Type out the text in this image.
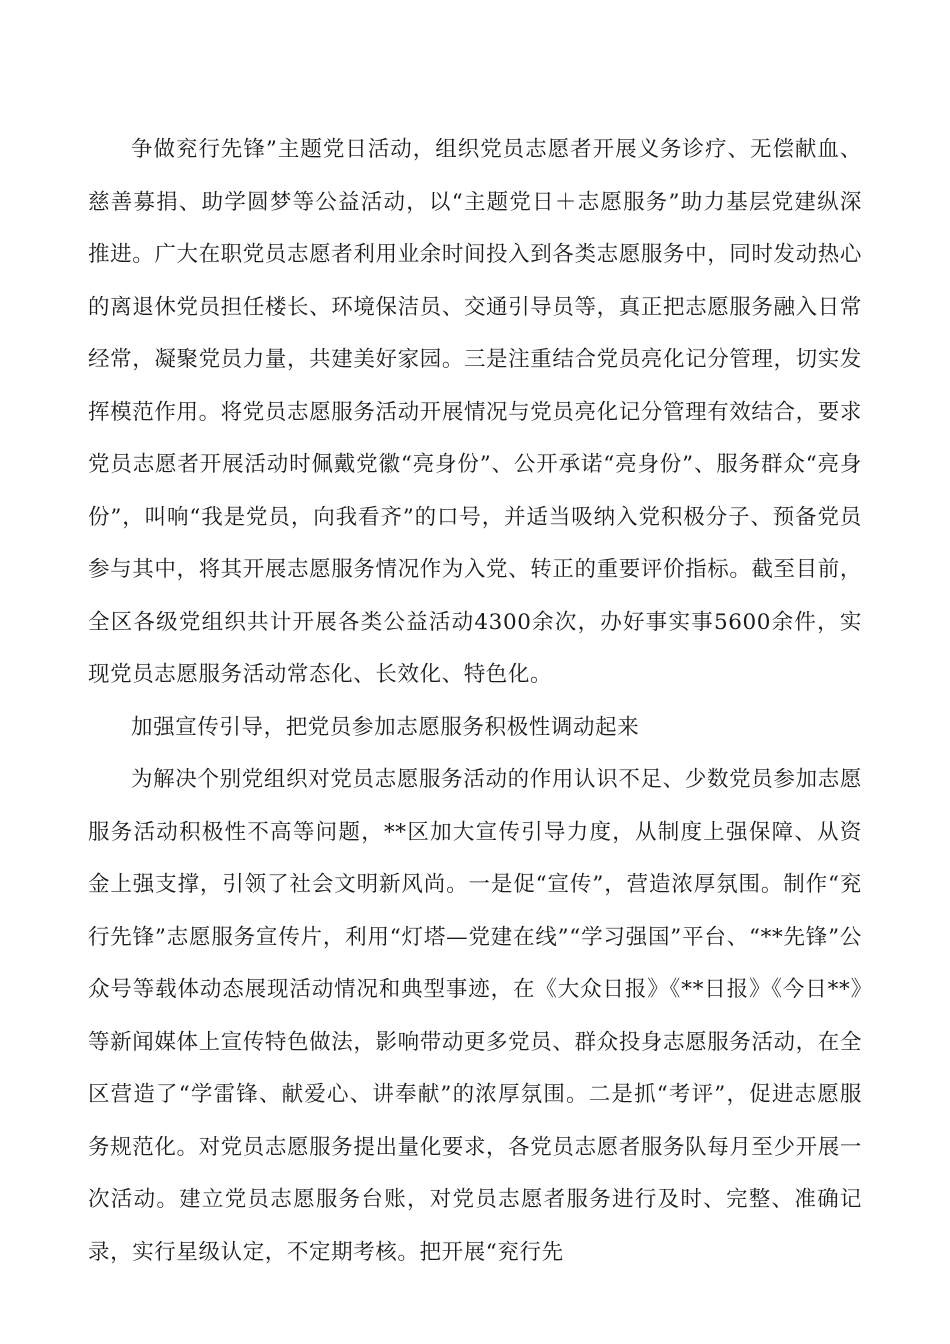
争做兖行先锋”主题党日活动，组织党员志愿者开展义务诊疗、无偿献血、慈善募捐、助学圆梦等公益活动，以“主题党日＋志愿服务”助力基层党建纵深推进。广大在职党员志愿者利用业余时间投入到各类志愿服务中，同时发动热心的离退休党员担任楼长、环境保洁员、交通引导员等，真正把志愿服务融入日常经常，凝聚党员力量，共建美好家园。三是注重结合党员亮化记分管理，切实发挥模范作用。将党员志愿服务活动开展情况与党员亮化记分管理有效结合，要求党员志愿者开展活动时佩戴党徽“亮身份”、公开承诺“亮身份”、服务群众“亮身份”，叫响“我是党员，向我看齐”的口号，并适当吸纳入党积极分子、预备党员参与其中，将其开展志愿服务情况作为入党、转正的重要评价指标。截至目前，全区各级党组织共计开展各类公益活动4300余次，办好事实事5600余件，实现党员志愿服务活动常态化、长效化、特色化。

加强宣传引导，把党员参加志愿服务积极性调动起来

为解决个别党组织对党员志愿服务活动的作用认识不足、少数党员参加志愿服务活动积极性不高等问题，**区加大宣传引导力度，从制度上强保障、从资金上强支撑，引领了社会文明新风尚。一是促“宣传”，营造浓厚氛围。制作“兖行先锋”志愿服务宣传片，利用“灯塔—党建在线”“学习强国”平台、“**先锋”公众号等载体动态展现活动情况和典型事迹，在《大众日报》《**日报》《今日**》等新闻媒体上宣传特色做法，影响带动更多党员、群众投身志愿服务活动，在全区营造了“学雷锋、献爱心、讲奉献”的浓厚氛围。二是抓“考评”，促进志愿服务规范化。对党员志愿服务提出量化要求，各党员志愿者服务队每月至少开展一次活动。建立党员志愿服务台账，对党员志愿者服务进行及时、完整、准确记录，实行星级认定，不定期考核。把开展“兖行先
